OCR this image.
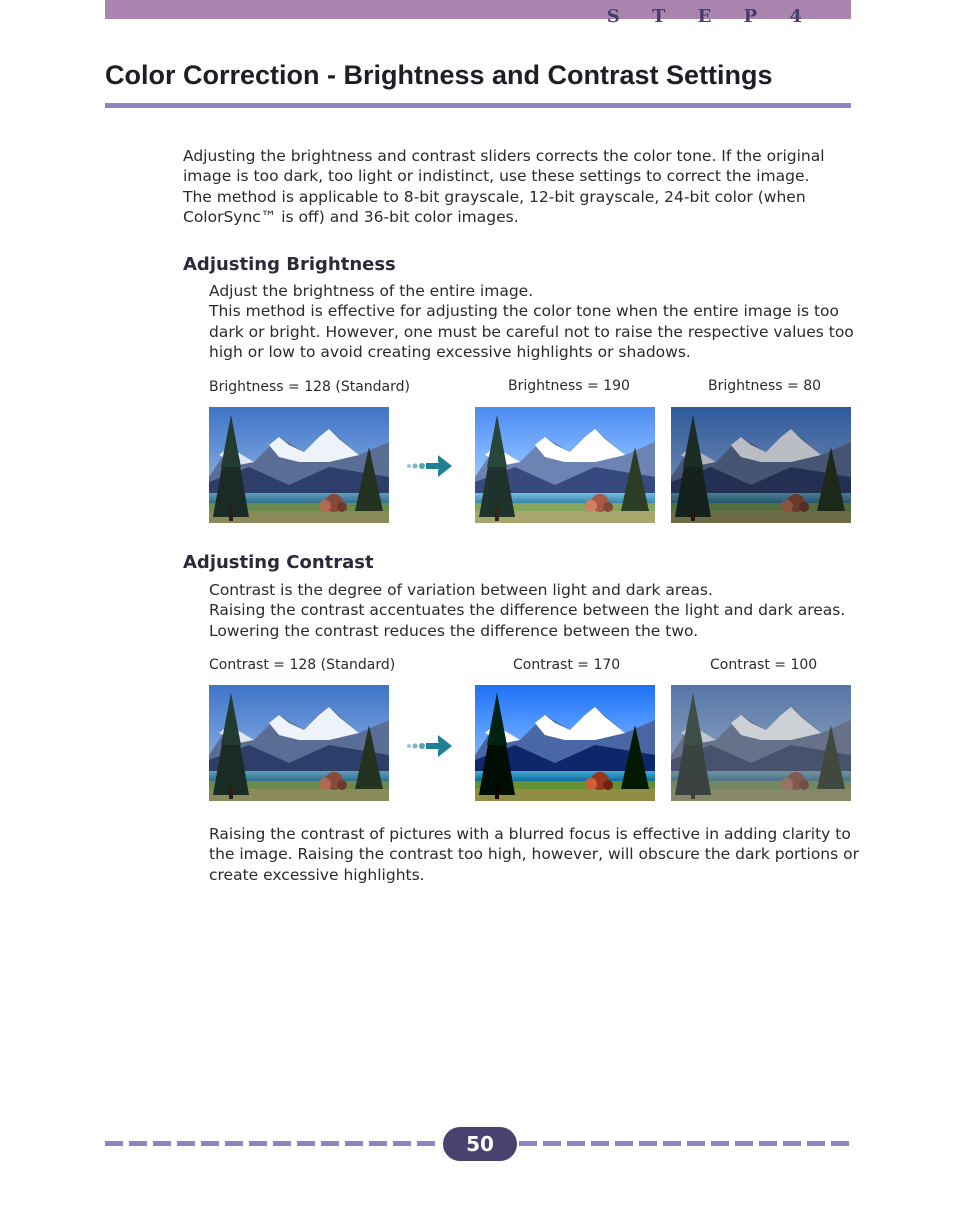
S T E P 4
Color Correction - Brightness and Contrast Settings
Adjusting the brightness and contrast sliders corrects the color tone. If the original
image is too dark, too light or indistinct, use these settings to correct the image.
The method is applicable to 8-bit grayscale, 12-bit grayscale, 24-bit color (when
ColorSync™ is off) and 36-bit color images.
Adjusting Brightness
Adjust the brightness of the entire image.
This method is effective for adjusting the color tone when the entire image is too
dark or bright. However, one must be careful not to raise the respective values too
high or low to avoid creating excessive highlights or shadows.
Brightness = 128 (Standard)	Brightness = 190	Brightness = 80
Adjusting Contrast
Contrast is the degree of variation between light and dark areas.
Raising the contrast accentuates the difference between the light and dark areas.
Lowering the contrast reduces the difference between the two.
Contrast = 128 (Standard)	Contrast = 170	Contrast = 100
Raising the contrast of pictures with a blurred focus is effective in adding clarity to
the image. Raising the contrast too high, however, will obscure the dark portions or
create excessive highlights.
50
